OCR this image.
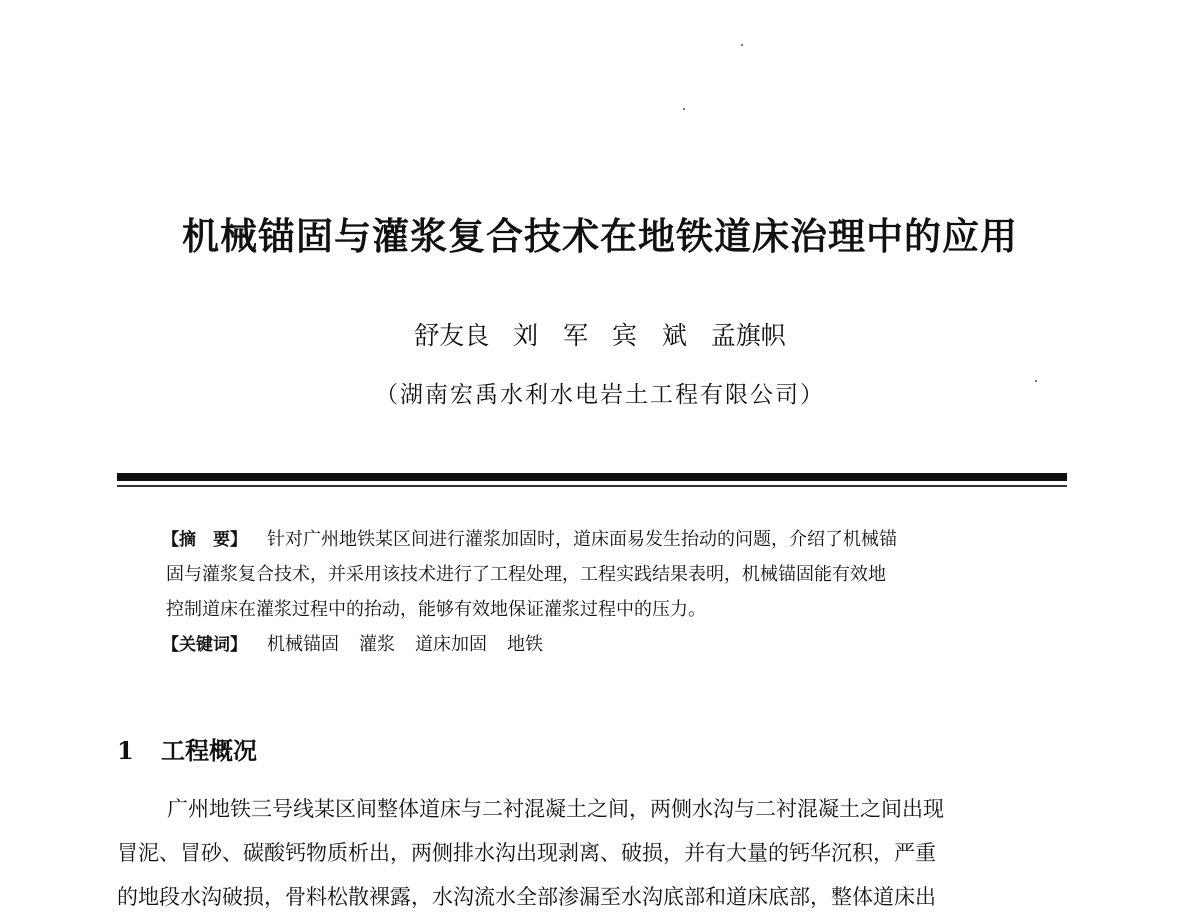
机械锚固与灌浆复合技术在地铁道床治理中的应用
舒友良 刘　军 宾　斌 孟旗帜
（湖南宏禹水利水电岩土工程有限公司）
【摘　要】 针对广州地铁某区间进行灌浆加固时，道床面易发生抬动的问题，介绍了机械锚
固与灌浆复合技术，并采用该技术进行了工程处理，工程实践结果表明，机械锚固能有效地
控制道床在灌浆过程中的抬动，能够有效地保证灌浆过程中的压力。
【关键词】 机械锚固 灌浆 道床加固 地铁
1 工程概况
广州地铁三号线某区间整体道床与二衬混凝土之间，两侧水沟与二衬混凝土之间出现
冒泥、冒砂、碳酸钙物质析出，两侧排水沟出现剥离、破损，并有大量的钙华沉积，严重
的地段水沟破损，骨料松散裸露，水沟流水全部渗漏至水沟底部和道床底部，整体道床出
